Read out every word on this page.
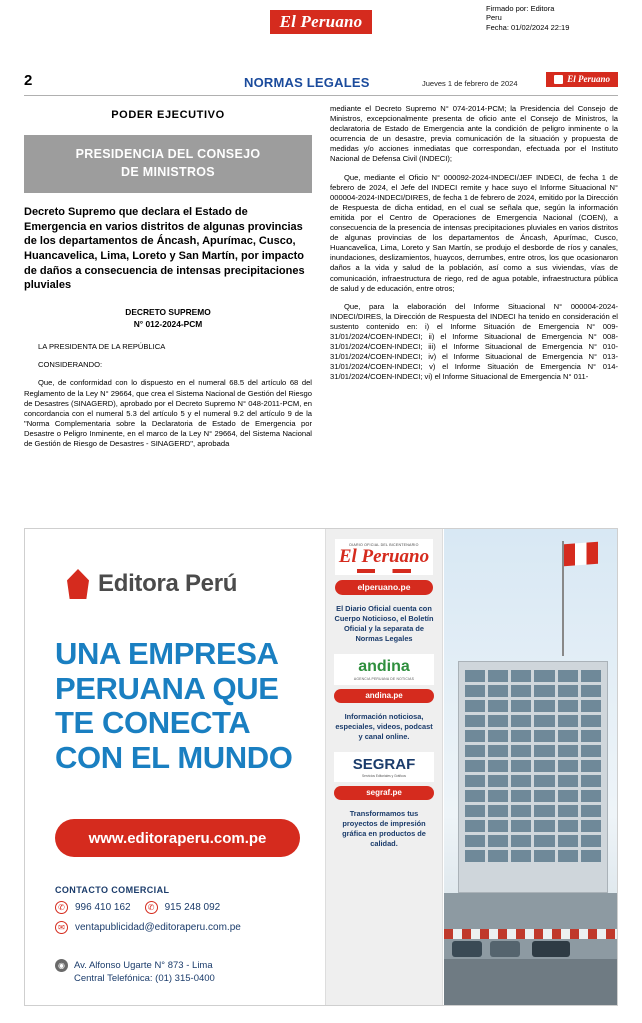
Firmado por: Editora
Peru
Fecha: 01/02/2024 22:19
El Peruano
2	NORMAS LEGALES	Jueves 1 de febrero de 2024	El Peruano
PODER EJECUTIVO
PRESIDENCIA DEL CONSEJO
DE MINISTROS
Decreto Supremo que declara el Estado de Emergencia en varios distritos de algunas provincias de los departamentos de Áncash, Apurímac, Cusco, Huancavelica, Lima, Loreto y San Martín, por impacto de daños a consecuencia de intensas precipitaciones pluviales
DECRETO SUPREMO
N° 012-2024-PCM

LA PRESIDENTA DE LA REPÚBLICA

CONSIDERANDO:

Que, de conformidad con lo dispuesto en el numeral 68.5 del artículo 68 del Reglamento de la Ley N° 29664, que crea el Sistema Nacional de Gestión del Riesgo de Desastres (SINAGERD), aprobado por el Decreto Supremo N° 048-2011-PCM, en concordancia con el numeral 5.3 del artículo 5 y el numeral 9.2 del artículo 9 de la "Norma Complementaria sobre la Declaratoria de Estado de Emergencia por Desastre o Peligro Inminente, en el marco de la Ley N° 29664, del Sistema Nacional de Gestión de Riesgo de Desastres - SINAGERD", aprobada

mediante el Decreto Supremo N° 074-2014-PCM; la Presidencia del Consejo de Ministros, excepcionalmente presenta de oficio ante el Consejo de Ministros, la declaratoria de Estado de Emergencia ante la condición de peligro inminente o la ocurrencia de un desastre, previa comunicación de la situación y propuesta de medidas y/o acciones inmediatas que correspondan, efectuada por el Instituto Nacional de Defensa Civil (INDECI);

Que, mediante el Oficio N° 000092-2024-INDECI/JEF INDECI, de fecha 1 de febrero de 2024, el Jefe del INDECI remite y hace suyo el Informe Situacional N° 000004-2024-INDECI/DIRES, de fecha 1 de febrero de 2024, emitido por la Dirección de Respuesta de dicha entidad, en el cual se señala que, según la información emitida por el Centro de Operaciones de Emergencia Nacional (COEN), a consecuencia de la presencia de intensas precipitaciones pluviales en varios distritos de algunas provincias de los departamentos de Áncash, Apurímac, Cusco, Huancavelica, Lima, Loreto y San Martín, se produjo el desborde de ríos y canales, inundaciones, deslizamientos, huaycos, derrumbes, entre otros, los que ocasionaron daños a la vida y salud de la población, así como a sus viviendas, vías de comunicación, infraestructura de riego, red de agua potable, infraestructura pública de salud y de educación, entre otros;

Que, para la elaboración del Informe Situacional N° 000004-2024-INDECI/DIRES, la Dirección de Respuesta del INDECI ha tenido en consideración el sustento contenido en: i) el Informe Situación de Emergencia N° 009-31/01/2024/COEN-INDECI; ii) el Informe Situacional de Emergencia N° 008-31/01/2024/COEN-INDECI; iii) el Informe Situacional de Emergencia N° 010-31/01/2024/COEN-INDECI; iv) el Informe Situacional de Emergencia N° 013-31/01/2024/COEN-INDECI; v) el Informe Situación de Emergencia N° 014-31/01/2024/COEN-INDECI; vi) el Informe Situacional de Emergencia N° 011-

Editora Perú
UNA EMPRESA PERUANA QUE TE CONECTA CON EL MUNDO
www.editoraperu.com.pe
CONTACTO COMERCIAL
✆	996 410 162	✆	915 248 092
✉	ventapublicidad@editoraperu.com.pe
◉ Av. Alfonso Ugarte N° 873 - Lima
Central Telefónica: (01) 315-0400
DIARIO OFICIAL DEL BICENTENARIO
El Peruano
elperuano.pe
El Diario Oficial cuenta con Cuerpo Noticioso, el Boletín Oficial y la separata de Normas Legales
andina
AGENCIA PERUANA DE NOTICIAS
andina.pe
Información noticiosa, especiales, videos, podcast y canal online.
SEGRAF
Servicios Editoriales y Gráficos
segraf.pe
Transformamos tus proyectos de impresión gráfica en productos de calidad.
